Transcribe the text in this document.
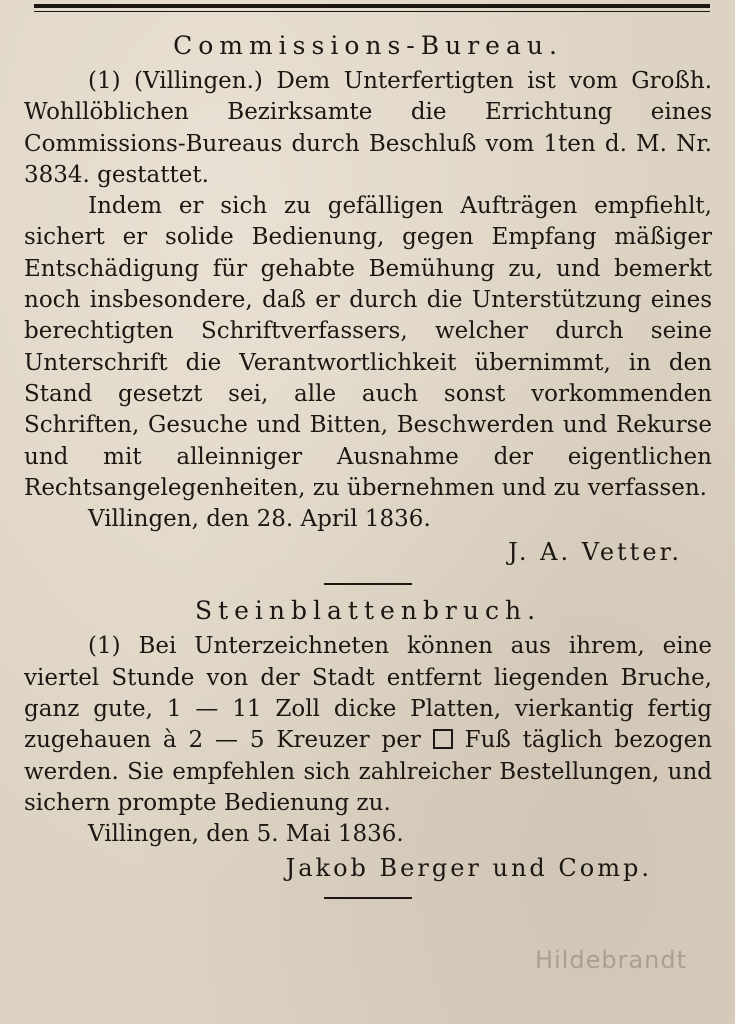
Commissions-Bureau.

(1) (Villingen.) Dem Unterfertigten ist vom Großh. Wohllöblichen Bezirksamte die Errichtung eines Commissions-Bureaus durch Beschluß vom 1ten d. M. Nr. 3834. gestattet.

Indem er sich zu gefälligen Aufträgen empfiehlt, sichert er solide Bedienung, gegen Empfang mäßiger Entschädigung für gehabte Bemühung zu, und bemerkt noch insbesondere, daß er durch die Unterstützung eines berechtigten Schriftverfassers, welcher durch seine Unterschrift die Verantwortlichkeit übernimmt, in den Stand gesetzt sei, alle auch sonst vorkommenden Schriften, Gesuche und Bitten, Beschwerden und Rekurse und mit alleinniger Ausnahme der eigentlichen Rechtsangelegenheiten, zu übernehmen und zu verfassen.

Villingen, den 28. April 1836.

J. A. Vetter.

Steinblattenbruch.

(1) Bei Unterzeichneten können aus ihrem, eine viertel Stunde von der Stadt entfernt liegenden Bruche, ganz gute, 1 — 11 Zoll dicke Platten, vierkantig fertig zugehauen à 2 — 5 Kreuzer per Fuß täglich bezogen werden. Sie empfehlen sich zahlreicher Bestellungen, und sichern prompte Bedienung zu.

Villingen, den 5. Mai 1836.

Jakob Berger und Comp.

Hildebrandt
